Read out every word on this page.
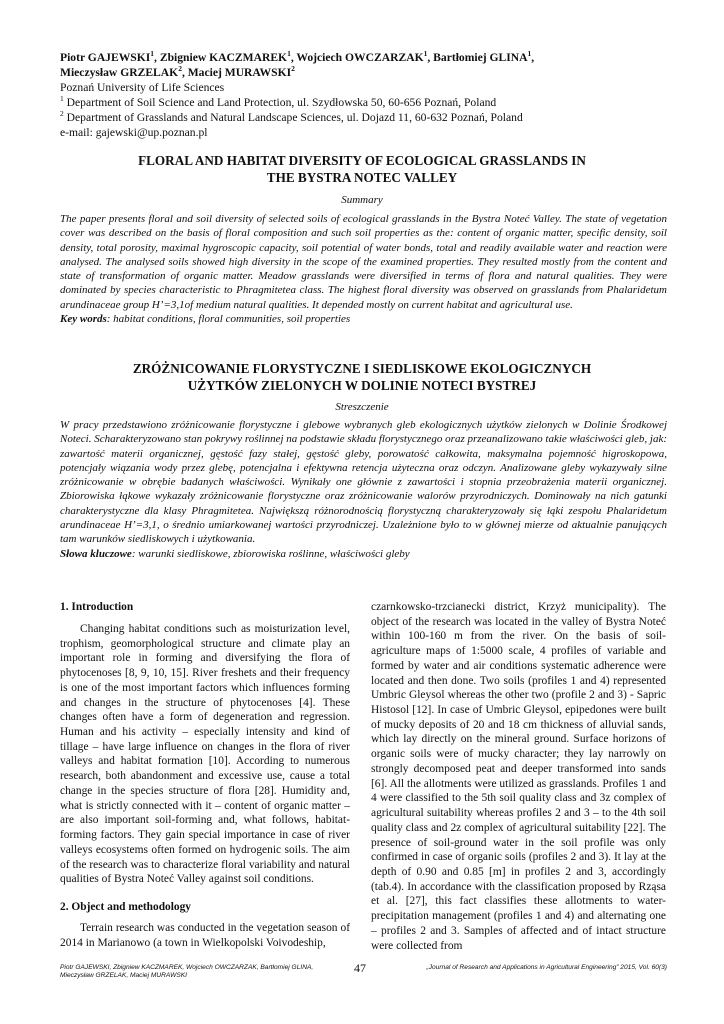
Piotr GAJEWSKI$^1$, Zbigniew KACZMAREK$^1$, Wojciech OWCZARZAK$^1$, Bartłomiej GLINA$^1$,
Mieczysław GRZELAK$^2$, Maciej MURAWSKI$^2$
Poznań University of Life Sciences
$^1$ Department of Soil Science and Land Protection, ul. Szydłowska 50, 60-656 Poznań, Poland
$^2$ Department of Grasslands and Natural Landscape Sciences, ul. Dojazd 11, 60-632 Poznań, Poland
e-mail: gajewski@up.poznan.pl
FLORAL AND HABITAT DIVERSITY OF ECOLOGICAL GRASSLANDS IN
THE BYSTRA NOTEC VALLEY
Summary

The paper presents floral and soil diversity of selected soils of ecological grasslands in the Bystra Noteć Valley. The state of vegetation cover was described on the basis of floral composition and such soil properties as the: content of organic matter, specific density, soil density, total porosity, maximal hygroscopic capacity, soil potential of water bonds, total and readily available water and reaction were analysed. The analysed soils showed high diversity in the scope of the examined properties. They resulted mostly from the content and state of transformation of organic matter. Meadow grasslands were diversified in terms of flora and natural qualities. They were dominated by species characteristic to Phragmitetea class. The highest floral diversity was observed on grasslands from Phalaridetum arundinaceae group H’=3,1of medium natural qualities. It depended mostly on current habitat and agricultural use.

Key words: habitat conditions, floral communities, soil properties

ZRÓŻNICOWANIE FLORYSTYCZNE I SIEDLISKOWE EKOLOGICZNYCH
UŻYTKÓW ZIELONYCH W DOLINIE NOTECI BYSTREJ
Streszczenie

W pracy przedstawiono zróżnicowanie florystyczne i glebowe wybranych gleb ekologicznych użytków zielonych w Dolinie Środkowej Noteci. Scharakteryzowano stan pokrywy roślinnej na podstawie składu florystycznego oraz przeanalizowano takie właściwości gleb, jak: zawartość materii organicznej, gęstość fazy stałej, gęstość gleby, porowatość całkowita, maksymalna pojemność higroskopowa, potencjały wiązania wody przez glebę, potencjalna i efektywna retencja użyteczna oraz odczyn. Analizowane gleby wykazywały silne zróżnicowanie w obrębie badanych właściwości. Wynikały one głównie z zawartości i stopnia przeobrażenia materii organicznej. Zbiorowiska łąkowe wykazały zróżnicowanie florystyczne oraz zróżnicowanie walorów przyrodniczych. Dominowały na nich gatunki charakterystyczne dla klasy Phragmitetea. Największą różnorodnością florystyczną charakteryzowały się łąki zespołu Phalaridetum arundinaceae H’=3,1, o średnio umiarkowanej wartości przyrodniczej. Uzależnione było to w głównej mierze od aktualnie panujących tam warunków siedliskowych i użytkowania.

Słowa kluczowe: warunki siedliskowe, zbiorowiska roślinne, właściwości gleby

1. Introduction

Changing habitat conditions such as moisturization level, trophism, geomorphological structure and climate play an important role in forming and diversifying the flora of phytocenoses [8, 9, 10, 15]. River freshets and their frequency is one of the most important factors which influences forming and changes in the structure of phytocenoses [4]. These changes often have a form of degeneration and regression. Human and his activity – especially intensity and kind of tillage – have large influence on changes in the flora of river valleys and habitat formation [10]. According to numerous research, both abandonment and excessive use, cause a total change in the species structure of flora [28]. Humidity and, what is strictly connected with it – content of organic matter – are also important soil-forming and, what follows, habitat-forming factors. They gain special importance in case of river valleys ecosystems often formed on hydrogenic soils. The aim of the research was to characterize floral variability and natural qualities of Bystra Noteć Valley against soil conditions.

2. Object and methodology

Terrain research was conducted in the vegetation season of 2014 in Marianowo (a town in Wielkopolski Voivodeship,

czarnkowsko-trzcianecki district, Krzyż municipality). The object of the research was located in the valley of Bystra Noteć within 100-160 m from the river. On the basis of soil-agriculture maps of 1:5000 scale, 4 profiles of variable and formed by water and air conditions systematic adherence were located and then done. Two soils (profiles 1 and 4) represented Umbric Gleysol whereas the other two (profile 2 and 3) - Sapric Histosol [12]. In case of Umbric Gleysol, epipedones were built of mucky deposits of 20 and 18 cm thickness of alluvial sands, which lay directly on the mineral ground. Surface horizons of organic soils were of mucky character; they lay narrowly on strongly decomposed peat and deeper transformed into sands [6]. All the allotments were utilized as grasslands. Profiles 1 and 4 were classified to the 5th soil quality class and 3z complex of agricultural suitability whereas profiles 2 and 3 – to the 4th soil quality class and 2z complex of agricultural suitability [22]. The presence of soil-ground water in the soil profile was only confirmed in case of organic soils (profiles 2 and 3). It lay at the depth of 0.90 and 0.85 [m] in profiles 2 and 3, accordingly (tab.4). In accordance with the classification proposed by Rząsa et al. [27], this fact classifies these allotments to water-precipitation management (profiles 1 and 4) and alternating one – profiles 2 and 3. Samples of affected and of intact structure were collected from

Piotr GAJEWSKI, Zbigniew KACZMAREK, Wojciech OWCZARZAK, Bartłomiej GLINA,
Mieczysław GRZELAK, Maciej MURAWSKI
47	„Journal of Research and Applications in Agricultural Engineering” 2015, Vol. 60(3)
